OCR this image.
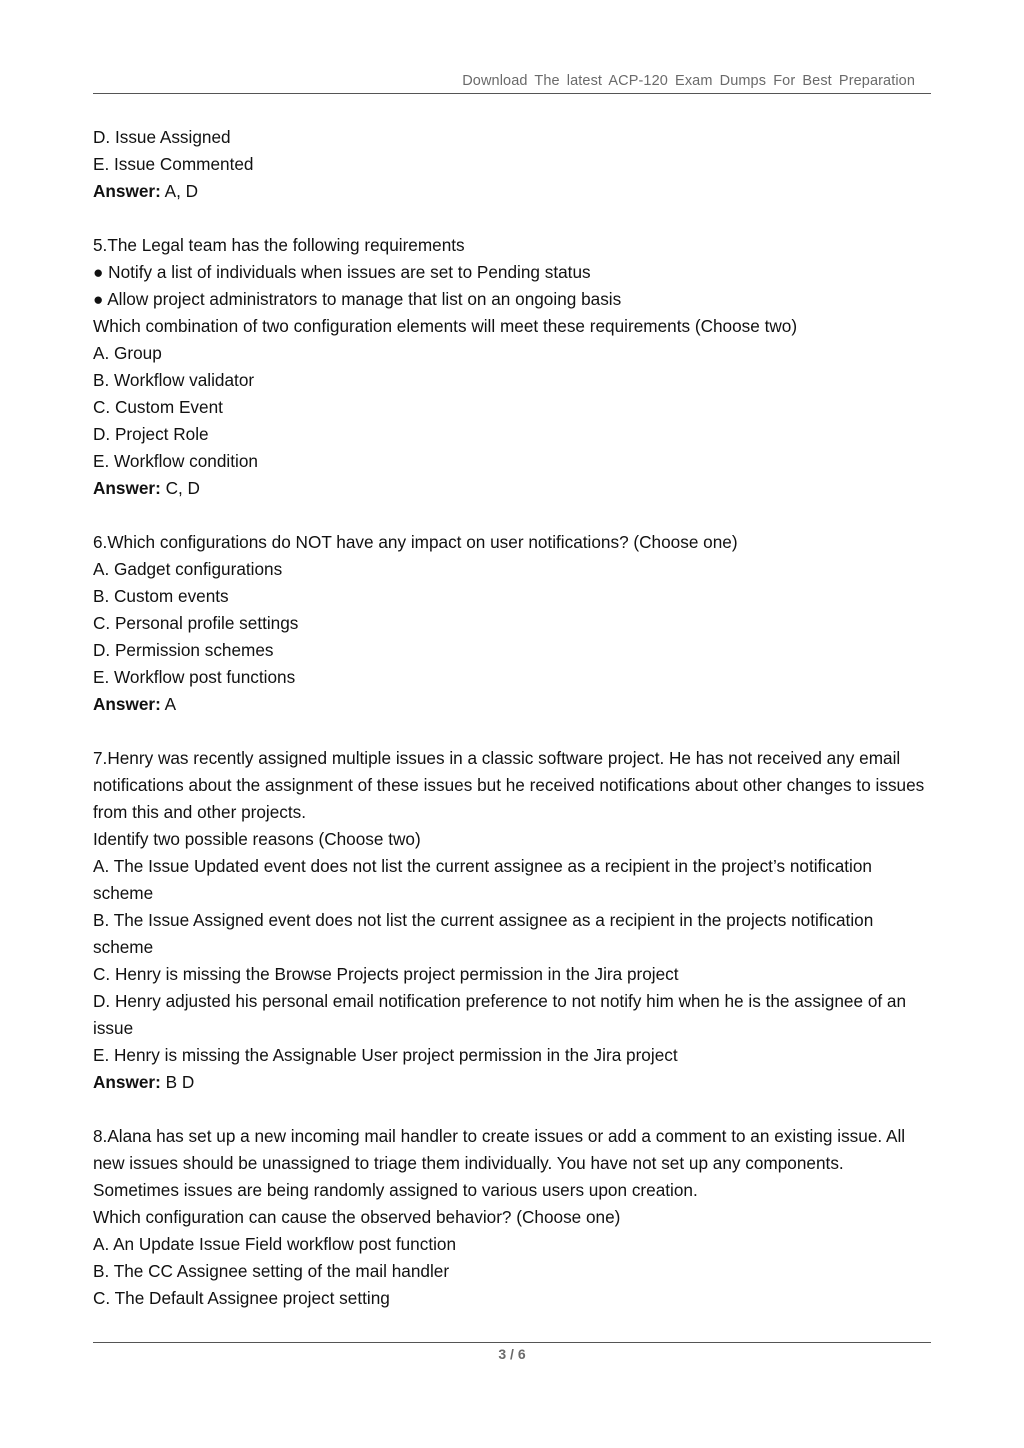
Download The latest ACP-120 Exam Dumps For Best Preparation
D. Issue Assigned
E. Issue Commented
Answer: A, D
5.The Legal team has the following requirements
● Notify a list of individuals when issues are set to Pending status
● Allow project administrators to manage that list on an ongoing basis
Which combination of two configuration elements will meet these requirements (Choose two)
A. Group
B. Workflow validator
C. Custom Event
D. Project Role
E. Workflow condition
Answer: C, D
6.Which configurations do NOT have any impact on user notifications? (Choose one)
A. Gadget configurations
B. Custom events
C. Personal profile settings
D. Permission schemes
E. Workflow post functions
Answer: A
7.Henry was recently assigned multiple issues in a classic software project. He has not received any email notifications about the assignment of these issues but he received notifications about other changes to issues from this and other projects.
Identify two possible reasons (Choose two)
A. The Issue Updated event does not list the current assignee as a recipient in the project’s notification scheme
B. The Issue Assigned event does not list the current assignee as a recipient in the projects notification scheme
C. Henry is missing the Browse Projects project permission in the Jira project
D. Henry adjusted his personal email notification preference to not notify him when he is the assignee of an issue
E. Henry is missing the Assignable User project permission in the Jira project
Answer: B D
8.Alana has set up a new incoming mail handler to create issues or add a comment to an existing issue. All new issues should be unassigned to triage them individually. You have not set up any components. Sometimes issues are being randomly assigned to various users upon creation.
Which configuration can cause the observed behavior? (Choose one)
A. An Update Issue Field workflow post function
B. The CC Assignee setting of the mail handler
C. The Default Assignee project setting
3 / 6
